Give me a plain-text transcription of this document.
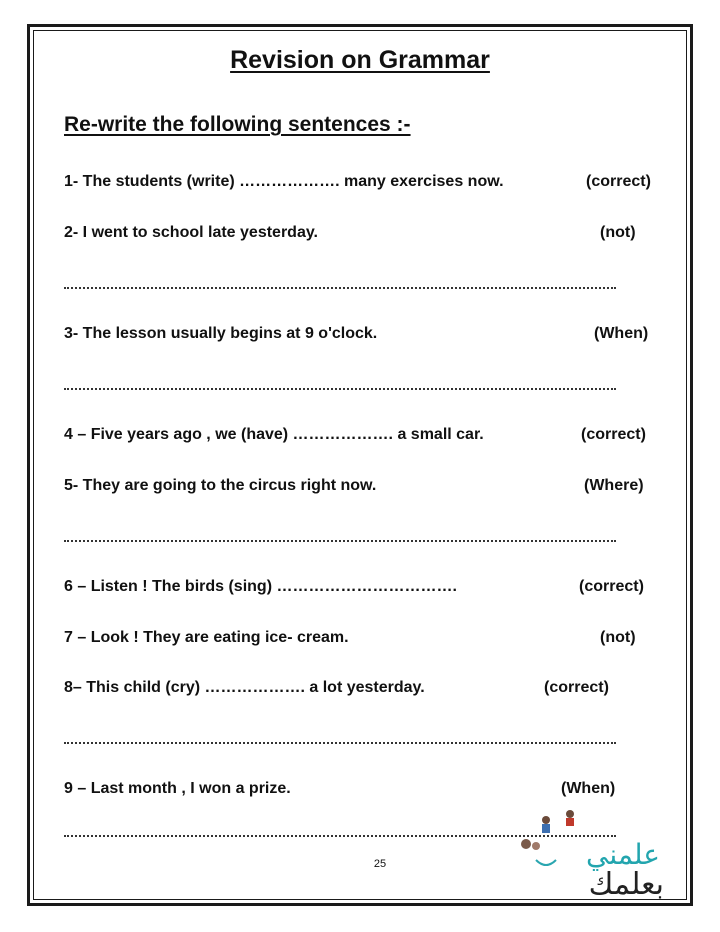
Revision on Grammar
Re-write the following sentences :-
1- The students (write) ………………. many exercises now.	(correct)
2- I went to school late yesterday.	(not)
3- The lesson usually begins at 9 o'clock.	(When)
4 – Five years ago , we (have) ………………. a small car.	(correct)
5- They are going to the circus right now.	(Where)
6 – Listen ! The birds (sing) …………………………….	(correct)
7 – Look ! They are eating ice- cream.	(not)
8– This child (cry) ………………. a lot yesterday.	(correct)
9 – Last month , I won a prize.	(When)
25	علمني
بعلمك
